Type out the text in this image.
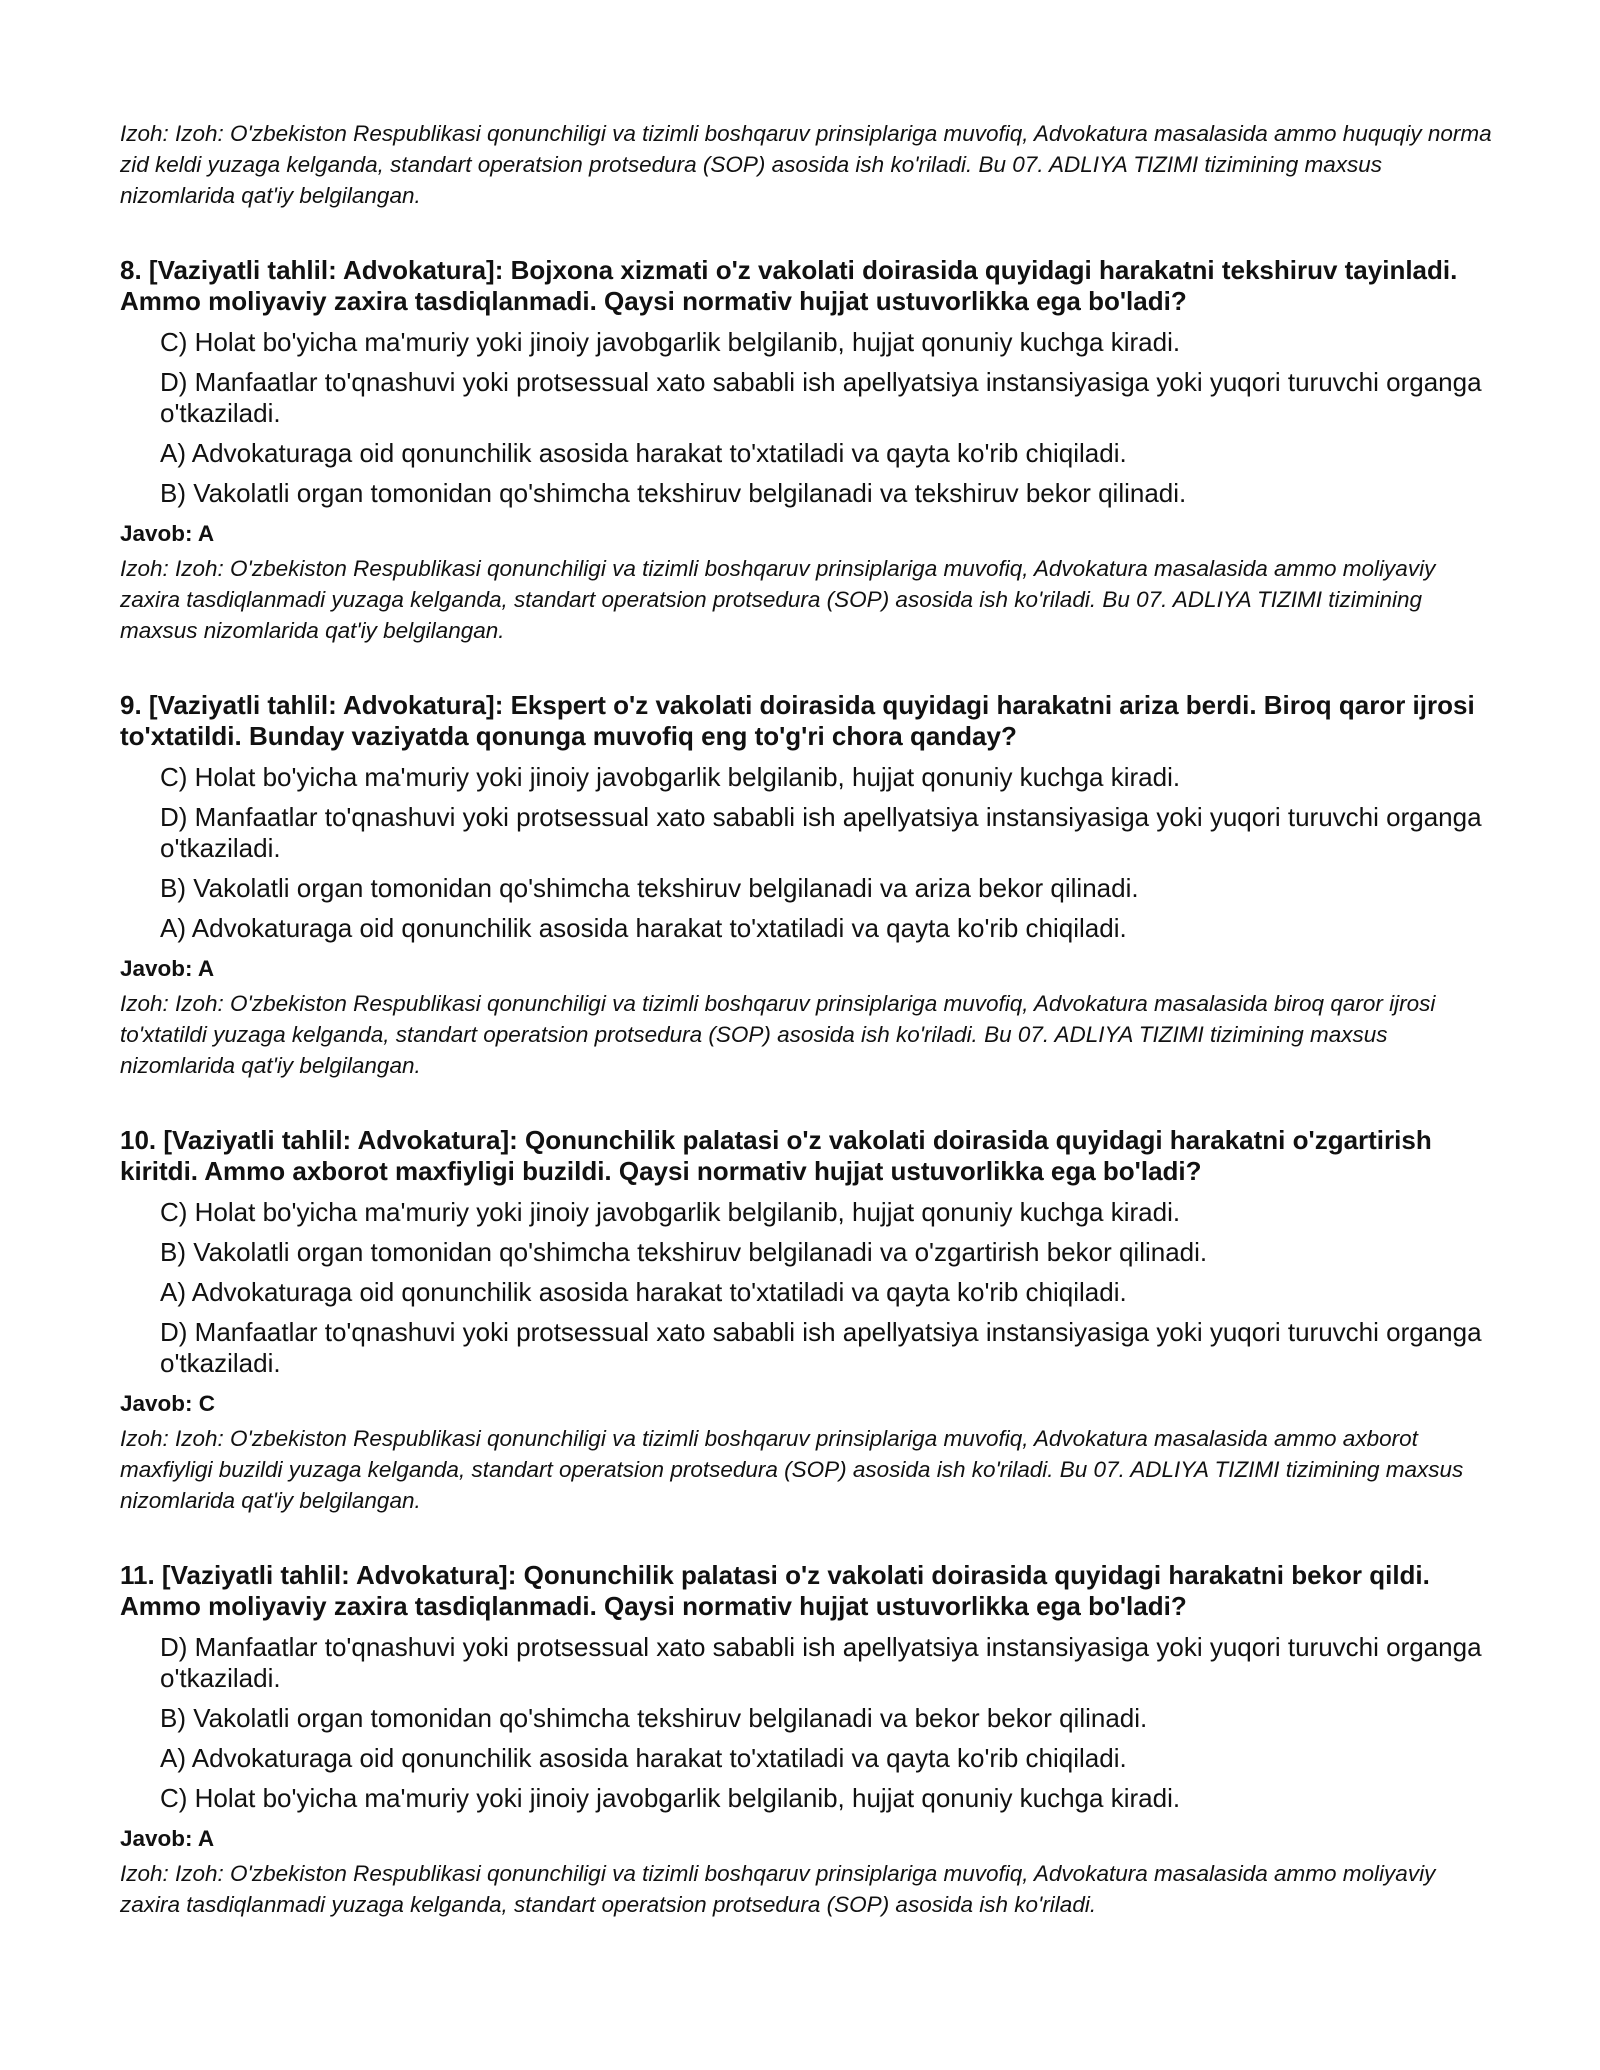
Izoh: Izoh: O'zbekiston Respublikasi qonunchiligi va tizimli boshqaruv prinsiplariga muvofiq, Advokatura masalasida ammo huquqiy norma zid keldi yuzaga kelganda, standart operatsion protsedura (SOP) asosida ish ko'riladi. Bu 07. ADLIYA TIZIMI tizimining maxsus nizomlarida qat'iy belgilangan.

8. [Vaziyatli tahlil: Advokatura]: Bojxona xizmati o'z vakolati doirasida quyidagi harakatni tekshiruv tayinladi. Ammo moliyaviy zaxira tasdiqlanmadi. Qaysi normativ hujjat ustuvorlikka ega bo'ladi?

C) Holat bo'yicha ma'muriy yoki jinoiy javobgarlik belgilanib, hujjat qonuniy kuchga kiradi.

D) Manfaatlar to'qnashuvi yoki protsessual xato sababli ish apellyatsiya instansiyasiga yoki yuqori turuvchi organga o'tkaziladi.

A) Advokaturaga oid qonunchilik asosida harakat to'xtatiladi va qayta ko'rib chiqiladi.

B) Vakolatli organ tomonidan qo'shimcha tekshiruv belgilanadi va tekshiruv bekor qilinadi.

Javob: A

Izoh: Izoh: O'zbekiston Respublikasi qonunchiligi va tizimli boshqaruv prinsiplariga muvofiq, Advokatura masalasida ammo moliyaviy zaxira tasdiqlanmadi yuzaga kelganda, standart operatsion protsedura (SOP) asosida ish ko'riladi. Bu 07. ADLIYA TIZIMI tizimining maxsus nizomlarida qat'iy belgilangan.

9. [Vaziyatli tahlil: Advokatura]: Ekspert o'z vakolati doirasida quyidagi harakatni ariza berdi. Biroq qaror ijrosi to'xtatildi. Bunday vaziyatda qonunga muvofiq eng to'g'ri chora qanday?

C) Holat bo'yicha ma'muriy yoki jinoiy javobgarlik belgilanib, hujjat qonuniy kuchga kiradi.

D) Manfaatlar to'qnashuvi yoki protsessual xato sababli ish apellyatsiya instansiyasiga yoki yuqori turuvchi organga o'tkaziladi.

B) Vakolatli organ tomonidan qo'shimcha tekshiruv belgilanadi va ariza bekor qilinadi.

A) Advokaturaga oid qonunchilik asosida harakat to'xtatiladi va qayta ko'rib chiqiladi.

Javob: A

Izoh: Izoh: O'zbekiston Respublikasi qonunchiligi va tizimli boshqaruv prinsiplariga muvofiq, Advokatura masalasida biroq qaror ijrosi to'xtatildi yuzaga kelganda, standart operatsion protsedura (SOP) asosida ish ko'riladi. Bu 07. ADLIYA TIZIMI tizimining maxsus nizomlarida qat'iy belgilangan.

10. [Vaziyatli tahlil: Advokatura]: Qonunchilik palatasi o'z vakolati doirasida quyidagi harakatni o'zgartirish kiritdi. Ammo axborot maxfiyligi buzildi. Qaysi normativ hujjat ustuvorlikka ega bo'ladi?

C) Holat bo'yicha ma'muriy yoki jinoiy javobgarlik belgilanib, hujjat qonuniy kuchga kiradi.

B) Vakolatli organ tomonidan qo'shimcha tekshiruv belgilanadi va o'zgartirish bekor qilinadi.

A) Advokaturaga oid qonunchilik asosida harakat to'xtatiladi va qayta ko'rib chiqiladi.

D) Manfaatlar to'qnashuvi yoki protsessual xato sababli ish apellyatsiya instansiyasiga yoki yuqori turuvchi organga o'tkaziladi.

Javob: C

Izoh: Izoh: O'zbekiston Respublikasi qonunchiligi va tizimli boshqaruv prinsiplariga muvofiq, Advokatura masalasida ammo axborot maxfiyligi buzildi yuzaga kelganda, standart operatsion protsedura (SOP) asosida ish ko'riladi. Bu 07. ADLIYA TIZIMI tizimining maxsus nizomlarida qat'iy belgilangan.

11. [Vaziyatli tahlil: Advokatura]: Qonunchilik palatasi o'z vakolati doirasida quyidagi harakatni bekor qildi. Ammo moliyaviy zaxira tasdiqlanmadi. Qaysi normativ hujjat ustuvorlikka ega bo'ladi?

D) Manfaatlar to'qnashuvi yoki protsessual xato sababli ish apellyatsiya instansiyasiga yoki yuqori turuvchi organga o'tkaziladi.

B) Vakolatli organ tomonidan qo'shimcha tekshiruv belgilanadi va bekor bekor qilinadi.

A) Advokaturaga oid qonunchilik asosida harakat to'xtatiladi va qayta ko'rib chiqiladi.

C) Holat bo'yicha ma'muriy yoki jinoiy javobgarlik belgilanib, hujjat qonuniy kuchga kiradi.

Javob: A

Izoh: Izoh: O'zbekiston Respublikasi qonunchiligi va tizimli boshqaruv prinsiplariga muvofiq, Advokatura masalasida ammo moliyaviy zaxira tasdiqlanmadi yuzaga kelganda, standart operatsion protsedura (SOP) asosida ish ko'riladi.
